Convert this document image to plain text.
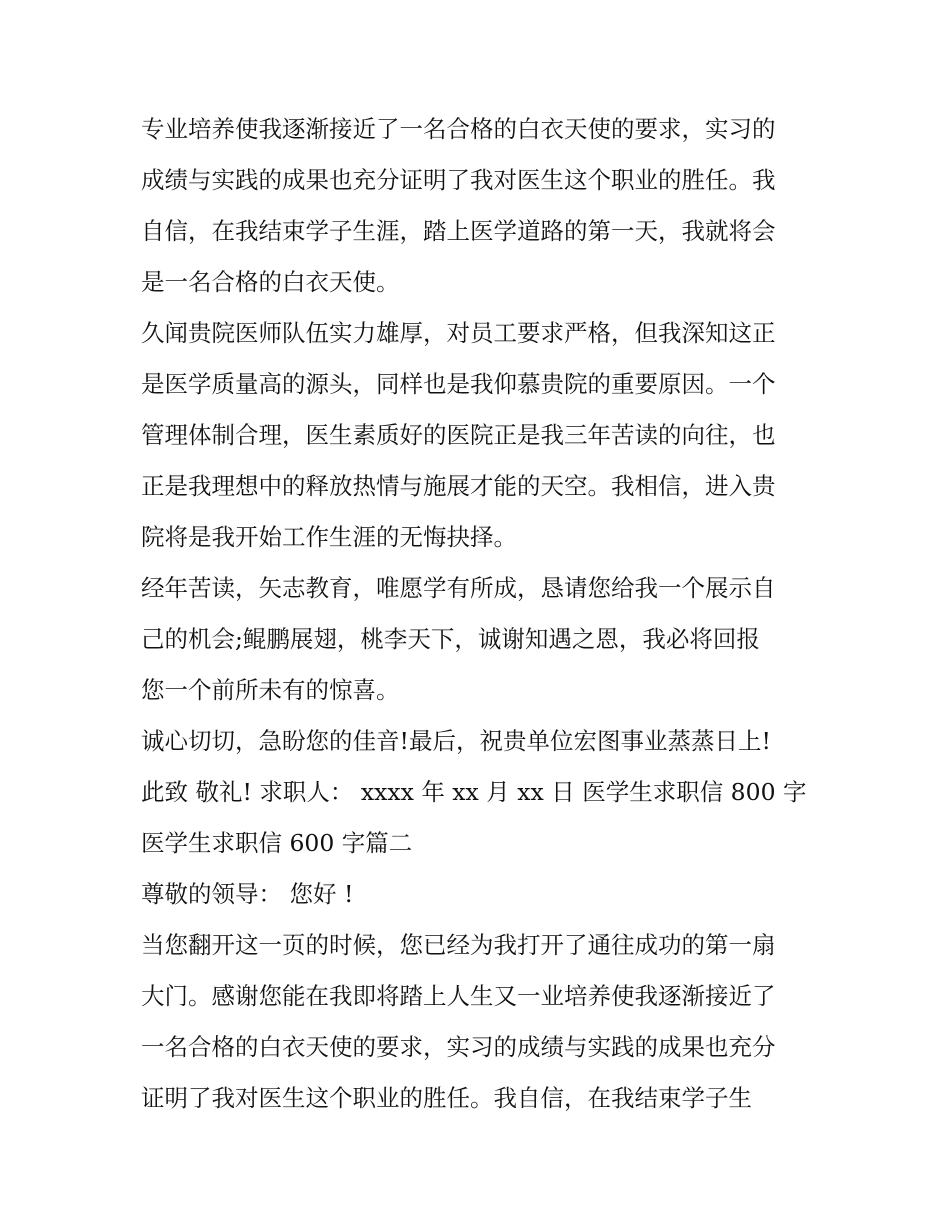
专业培养使我逐渐接近了一名合格的白衣天使的要求，实习的
成绩与实践的成果也充分证明了我对医生这个职业的胜任。我
自信，在我结束学子生涯，踏上医学道路的第一天，我就将会
是一名合格的白衣天使。
久闻贵院医师队伍实力雄厚，对员工要求严格，但我深知这正
是医学质量高的源头，同样也是我仰慕贵院的重要原因。一个
管理体制合理，医生素质好的医院正是我三年苦读的向往，也
正是我理想中的释放热情与施展才能的天空。我相信，进入贵
院将是我开始工作生涯的无悔抉择。
经年苦读，矢志教育，唯愿学有所成，恳请您给我一个展示自
己的机会;鲲鹏展翅，桃李天下，诚谢知遇之恩，我必将回报
您一个前所未有的惊喜。
诚心切切，急盼您的佳音!最后，祝贵单位宏图事业蒸蒸日上!
此致 敬礼! 求职人： xxxx 年 xx 月 xx 日 医学生求职信 800 字
医学生求职信 600 字篇二
尊敬的领导： 您好 !
当您翻开这一页的时候，您已经为我打开了通往成功的第一扇
大门。感谢您能在我即将踏上人生又一业培养使我逐渐接近了
一名合格的白衣天使的要求，实习的成绩与实践的成果也充分
证明了我对医生这个职业的胜任。我自信，在我结束学子生
